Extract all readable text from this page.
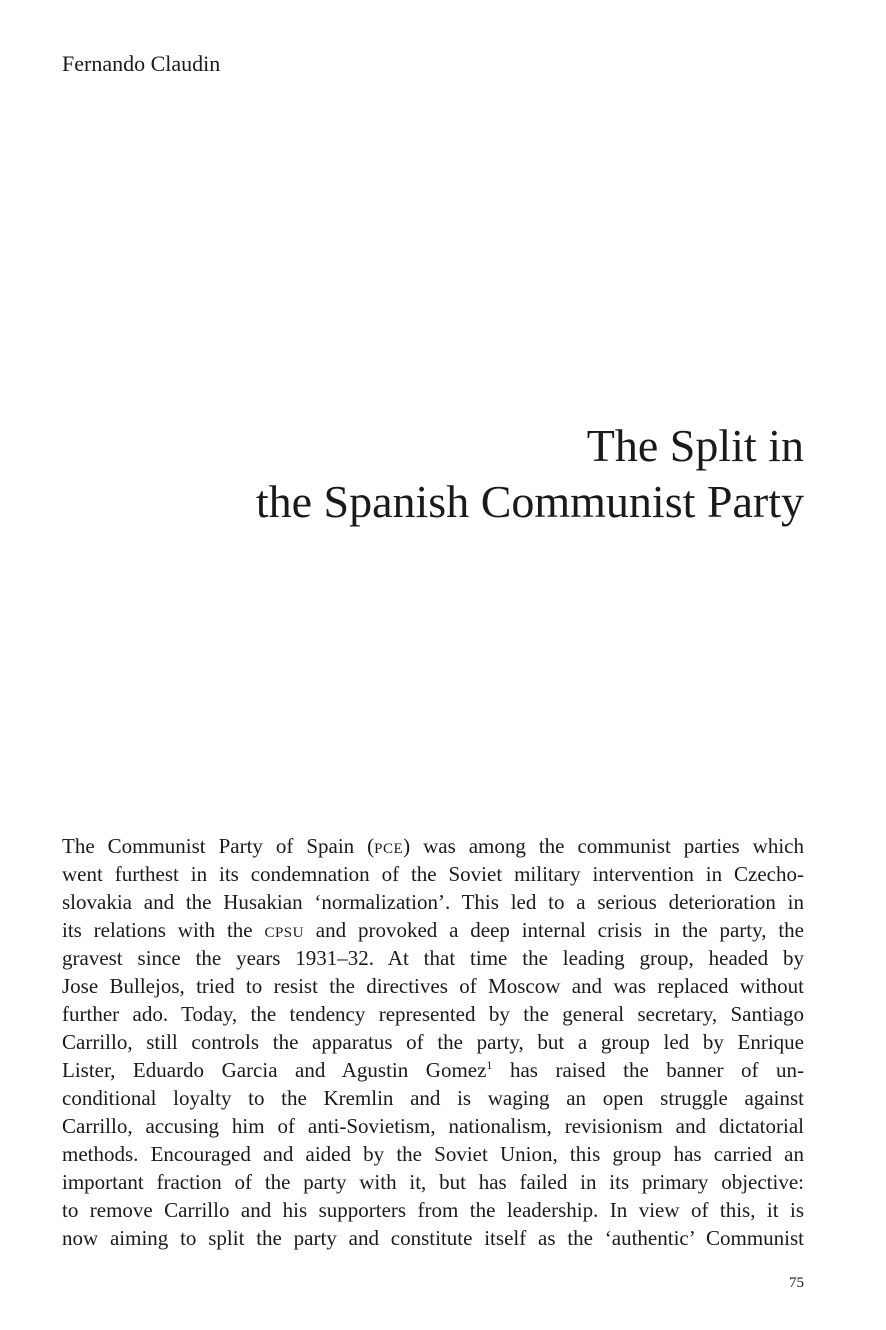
Fernando Claudin

The Split in
the Spanish Communist Party
The Communist Party of Spain (pce) was among the communist parties which
went furthest in its condemnation of the Soviet military intervention in Czecho-
slovakia and the Husakian ‘normalization’. This led to a serious deterioration in
its relations with the cpsu and provoked a deep internal crisis in the party, the
gravest since the years 1931–32. At that time the leading group, headed by
Jose Bullejos, tried to resist the directives of Moscow and was replaced without
further ado. Today, the tendency represented by the general secretary, Santiago
Carrillo, still controls the apparatus of the party, but a group led by Enrique
Lister, Eduardo Garcia and Agustin Gomez$^1$ has raised the banner of un-
conditional loyalty to the Kremlin and is waging an open struggle against
Carrillo, accusing him of anti-Sovietism, nationalism, revisionism and dictatorial
methods. Encouraged and aided by the Soviet Union, this group has carried an
important fraction of the party with it, but has failed in its primary objective:
to remove Carrillo and his supporters from the leadership. In view of this, it is
now aiming to split the party and constitute itself as the ‘authentic’ Communist

75
